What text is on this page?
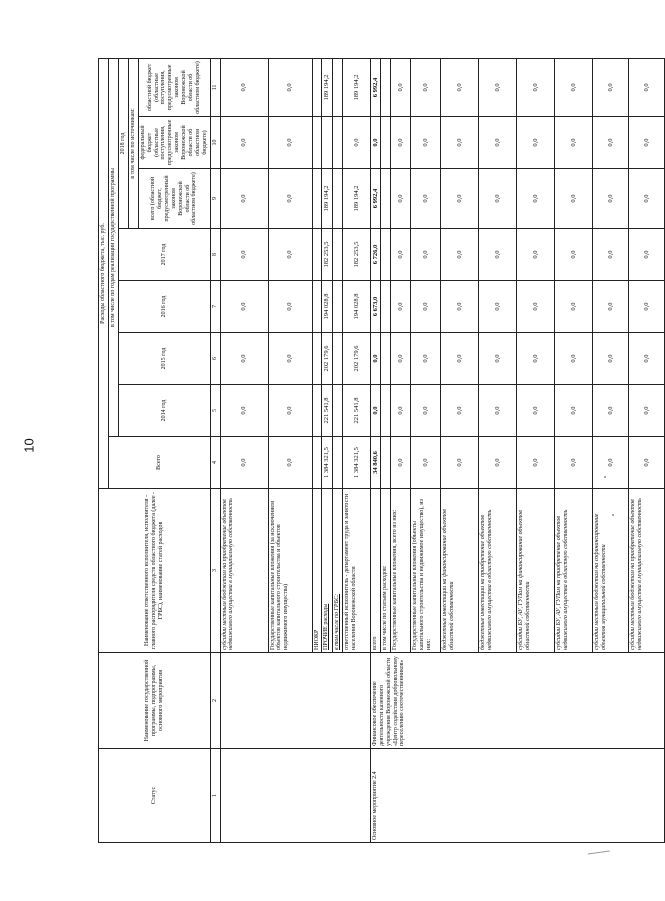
10
Статус	Наименование государственной программы, подпрограммы, основного мероприятия	Наименование ответственного исполнителя, исполнителя - главного распорядителя средств областного бюджета (далее - ГРБС), наименование статей расходов	Расходы областного бюджета, тыс. руб.							
			Всего	в том числе по годам реализации государственной программы						
				2014 год	2015 год	2016 год	2017 год	2018 год в том числе по источникам:		

								всего (областной бюджет, предусмотренный законом Воронежской области об областном бюджете)	федеральный бюджет (областные поступления, предусмотренные законом Воронежской области об областном бюджете)	областной бюджет (областные поступления, предусмотренные законом Воронежской области об областном бюджете)
1	2	3	4	5	6	7	8	9	10	11
		субсидии местным бюджетам на приобретение объектов недвижимого имущества в муниципальную собственность	0,0	0,0	0,0	0,0	0,0	0,0	0,0	0,0
		Государственные капитальные вложения (за исключением объектов капитального строительства и объектов недвижимого имущества)	0,0	0,0	0,0	0,0	0,0	0,0	0,0	0,0
		НИОКР								
		ПРОЧИЕ расходы	1 384 321,5	221 541,8	202 179,6	194 028,8	182 253,5	189 194,2		189 194,2
		в том числе по ГРБС:								
		ответственный исполнитель - департамент труда и занятости населения Воронежской области	1 384 321,5	221 541,8	202 179,6	194 028,8	182 253,5	189 194,2	0,0	189 194,2
Основное мероприятие 2.4	Финансовое обеспечение деятельности казенного учреждения Воронежской области «Центр содействия добровольному переселению соотечественников»	всего	34 840,6	0,0	0,0	6 673,0	6 726,0	6 992,4	0,0	6 992,4
		в том числе по статьям расходов:								
		Государственные капитальные вложения, всего из них:	0,0	0,0	0,0	0,0	0,0	0,0	0,0	0,0
		Государственные капитальные вложения (объекты капитального строительства и недвижимое имущество), из них:	0,0	0,0	0,0	0,0	0,0	0,0	0,0	0,0
		бюджетные инвестиции на финансирование объектов областной собственности	0,0	0,0	0,0	0,0	0,0	0,0	0,0	0,0
		бюджетные инвестиции на приобретение объектов недвижимого имущества в областную собственность	0,0	0,0	0,0	0,0	0,0	0,0	0,0	0,0
		субсидии БУ, АУ, ГУПам на финансирование объектов областной собственности	0,0	0,0	0,0	0,0	0,0	0,0	0,0	0,0
		субсидии БУ, АУ, ГУПам на приобретение объектов недвижимого имущества в областную собственность	0,0	0,0	0,0	0,0	0,0	0,0	0,0	0,0
		субсидии местным бюджетам на софинансирование объектов муниципальной собственности	0,0	0,0	0,0	0,0	0,0	0,0	0,0	0,0
		субсидии местным бюджетам на приобретение объектов недвижимого имущества в муниципальную собственность	0,0	0,0	0,0	0,0	0,0	0,0	0,0	0,0
